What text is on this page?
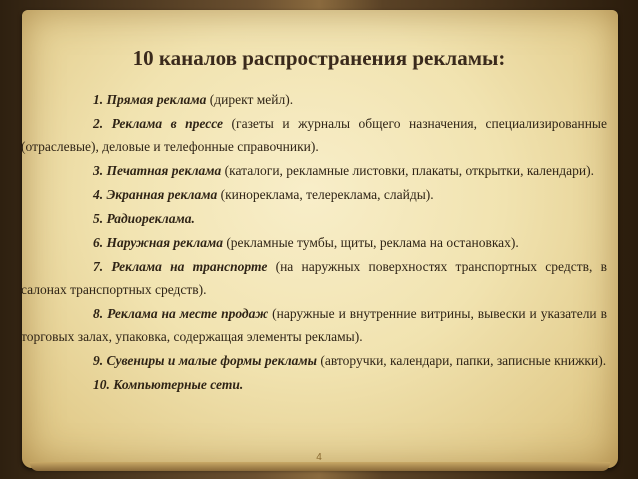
10 каналов распространения рекламы:

1. Прямая реклама (директ мейл).

2. Реклама в прессе (газеты и журналы общего назначения, специализированные (отраслевые), деловые и телефонные справочники).

3. Печатная реклама (каталоги, рекламные листовки, плакаты, открытки, календари).

4. Экранная реклама (кинореклама, телереклама, слайды).

5. Радиореклама.

6. Наружная реклама (рекламные тумбы, щиты, реклама на остановках).

7. Реклама на транспорте (на наружных поверхностях транспортных средств, в салонах транспортных средств).

8. Реклама на месте продаж (наружные и внутренние витрины, вывески и указатели в торговых залах, упаковка, содержащая элементы рекламы).

9. Сувениры и малые формы рекламы (авторучки, календари, папки, записные книжки).

10. Компьютерные сети.

4
